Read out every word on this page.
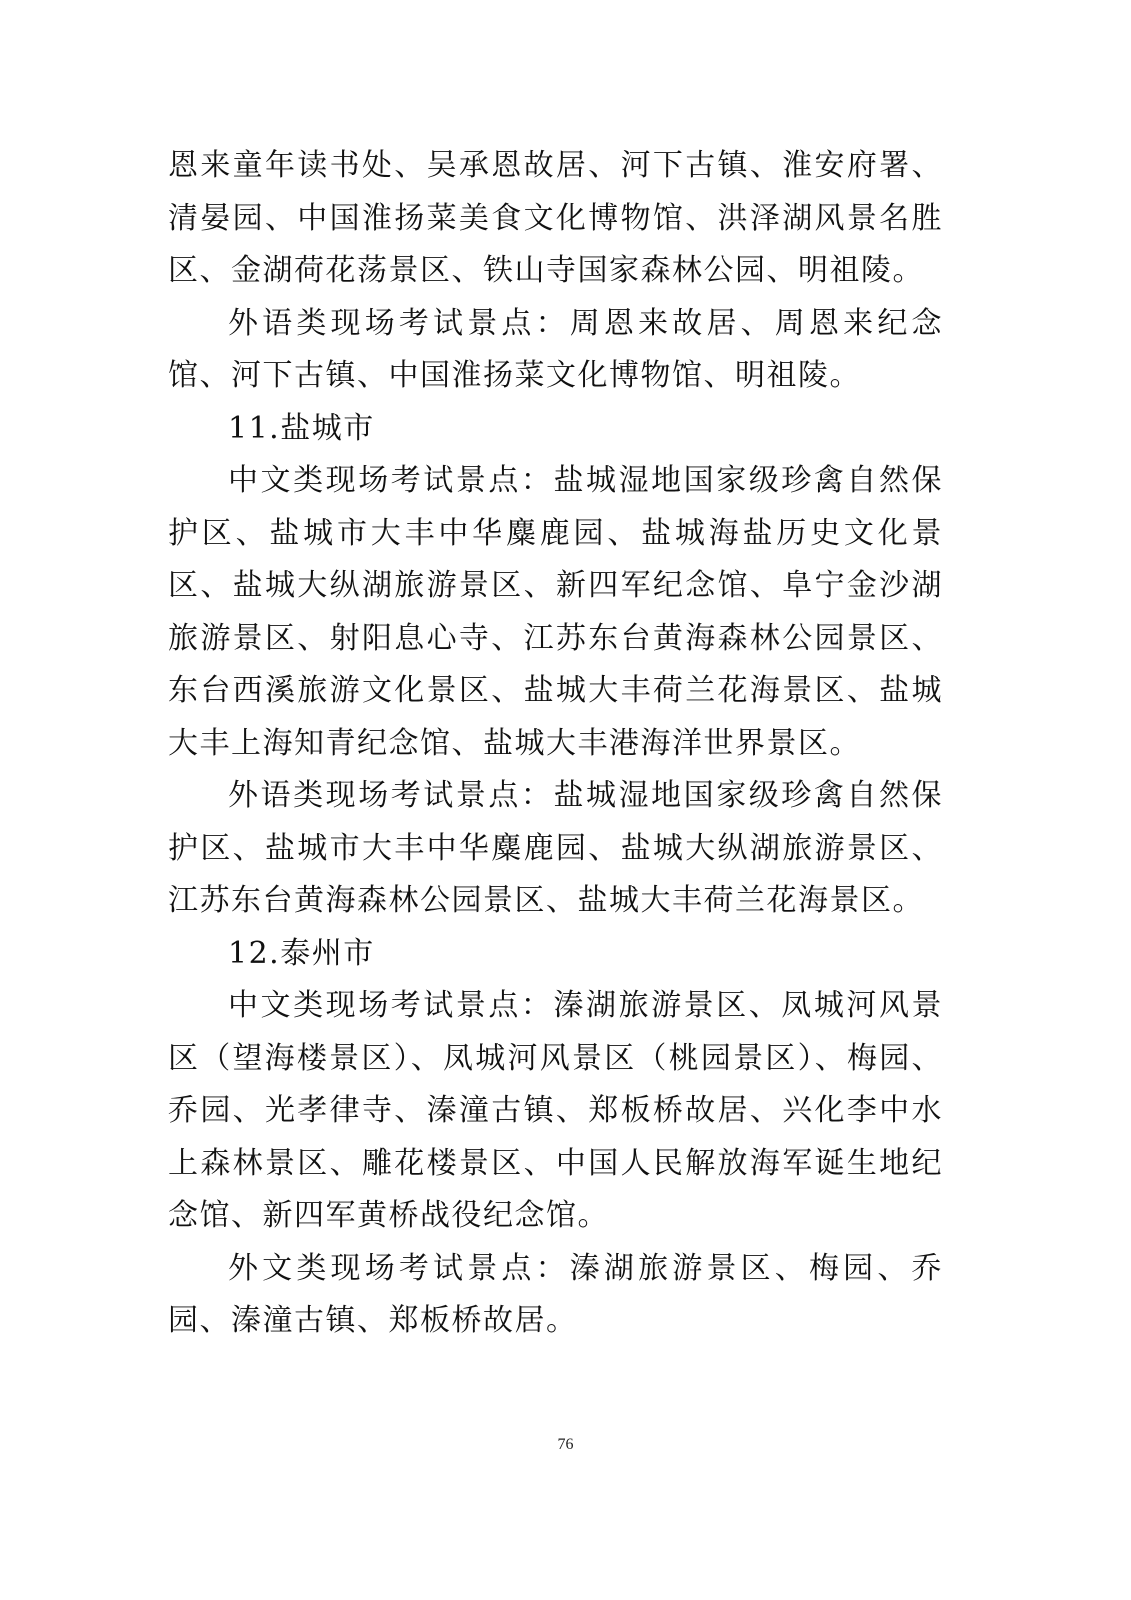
恩来童年读书处、吴承恩故居、河下古镇、淮安府署、清晏园、中国淮扬菜美食文化博物馆、洪泽湖风景名胜区、金湖荷花荡景区、铁山寺国家森林公园、明祖陵。

外语类现场考试景点：周恩来故居、周恩来纪念馆、河下古镇、中国淮扬菜文化博物馆、明祖陵。

11.盐城市

中文类现场考试景点：盐城湿地国家级珍禽自然保护区、盐城市大丰中华麋鹿园、盐城海盐历史文化景区、盐城大纵湖旅游景区、新四军纪念馆、阜宁金沙湖旅游景区、射阳息心寺、江苏东台黄海森林公园景区、东台西溪旅游文化景区、盐城大丰荷兰花海景区、盐城大丰上海知青纪念馆、盐城大丰港海洋世界景区。

外语类现场考试景点：盐城湿地国家级珍禽自然保护区、盐城市大丰中华麋鹿园、盐城大纵湖旅游景区、江苏东台黄海森林公园景区、盐城大丰荷兰花海景区。

12.泰州市

中文类现场考试景点：溱湖旅游景区、凤城河风景区（望海楼景区）、凤城河风景区（桃园景区）、梅园、乔园、光孝律寺、溱潼古镇、郑板桥故居、兴化李中水上森林景区、雕花楼景区、中国人民解放海军诞生地纪念馆、新四军黄桥战役纪念馆。

外文类现场考试景点：溱湖旅游景区、梅园、乔园、溱潼古镇、郑板桥故居。

76
